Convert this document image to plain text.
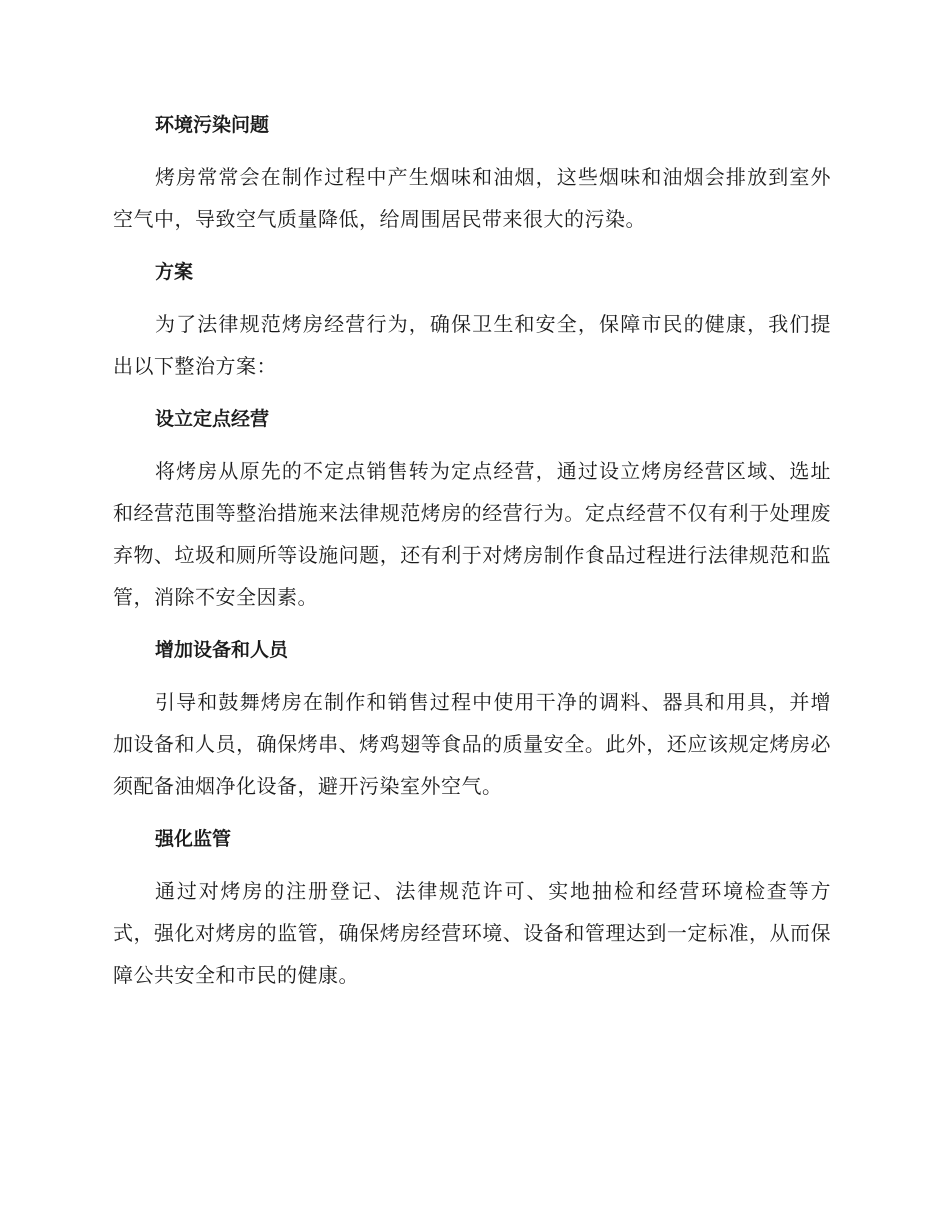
环境污染问题

烤房常常会在制作过程中产生烟味和油烟，这些烟味和油烟会排放到室外空气中，导致空气质量降低，给周围居民带来很大的污染。

方案

为了法律规范烤房经营行为，确保卫生和安全，保障市民的健康，我们提出以下整治方案：

设立定点经营

将烤房从原先的不定点销售转为定点经营，通过设立烤房经营区域、选址和经营范围等整治措施来法律规范烤房的经营行为。定点经营不仅有利于处理废弃物、垃圾和厕所等设施问题，还有利于对烤房制作食品过程进行法律规范和监管，消除不安全因素。

增加设备和人员

引导和鼓舞烤房在制作和销售过程中使用干净的调料、器具和用具，并增加设备和人员，确保烤串、烤鸡翅等食品的质量安全。此外，还应该规定烤房必须配备油烟净化设备，避开污染室外空气。

强化监管

通过对烤房的注册登记、法律规范许可、实地抽检和经营环境检查等方式，强化对烤房的监管，确保烤房经营环境、设备和管理达到一定标准，从而保障公共安全和市民的健康。
